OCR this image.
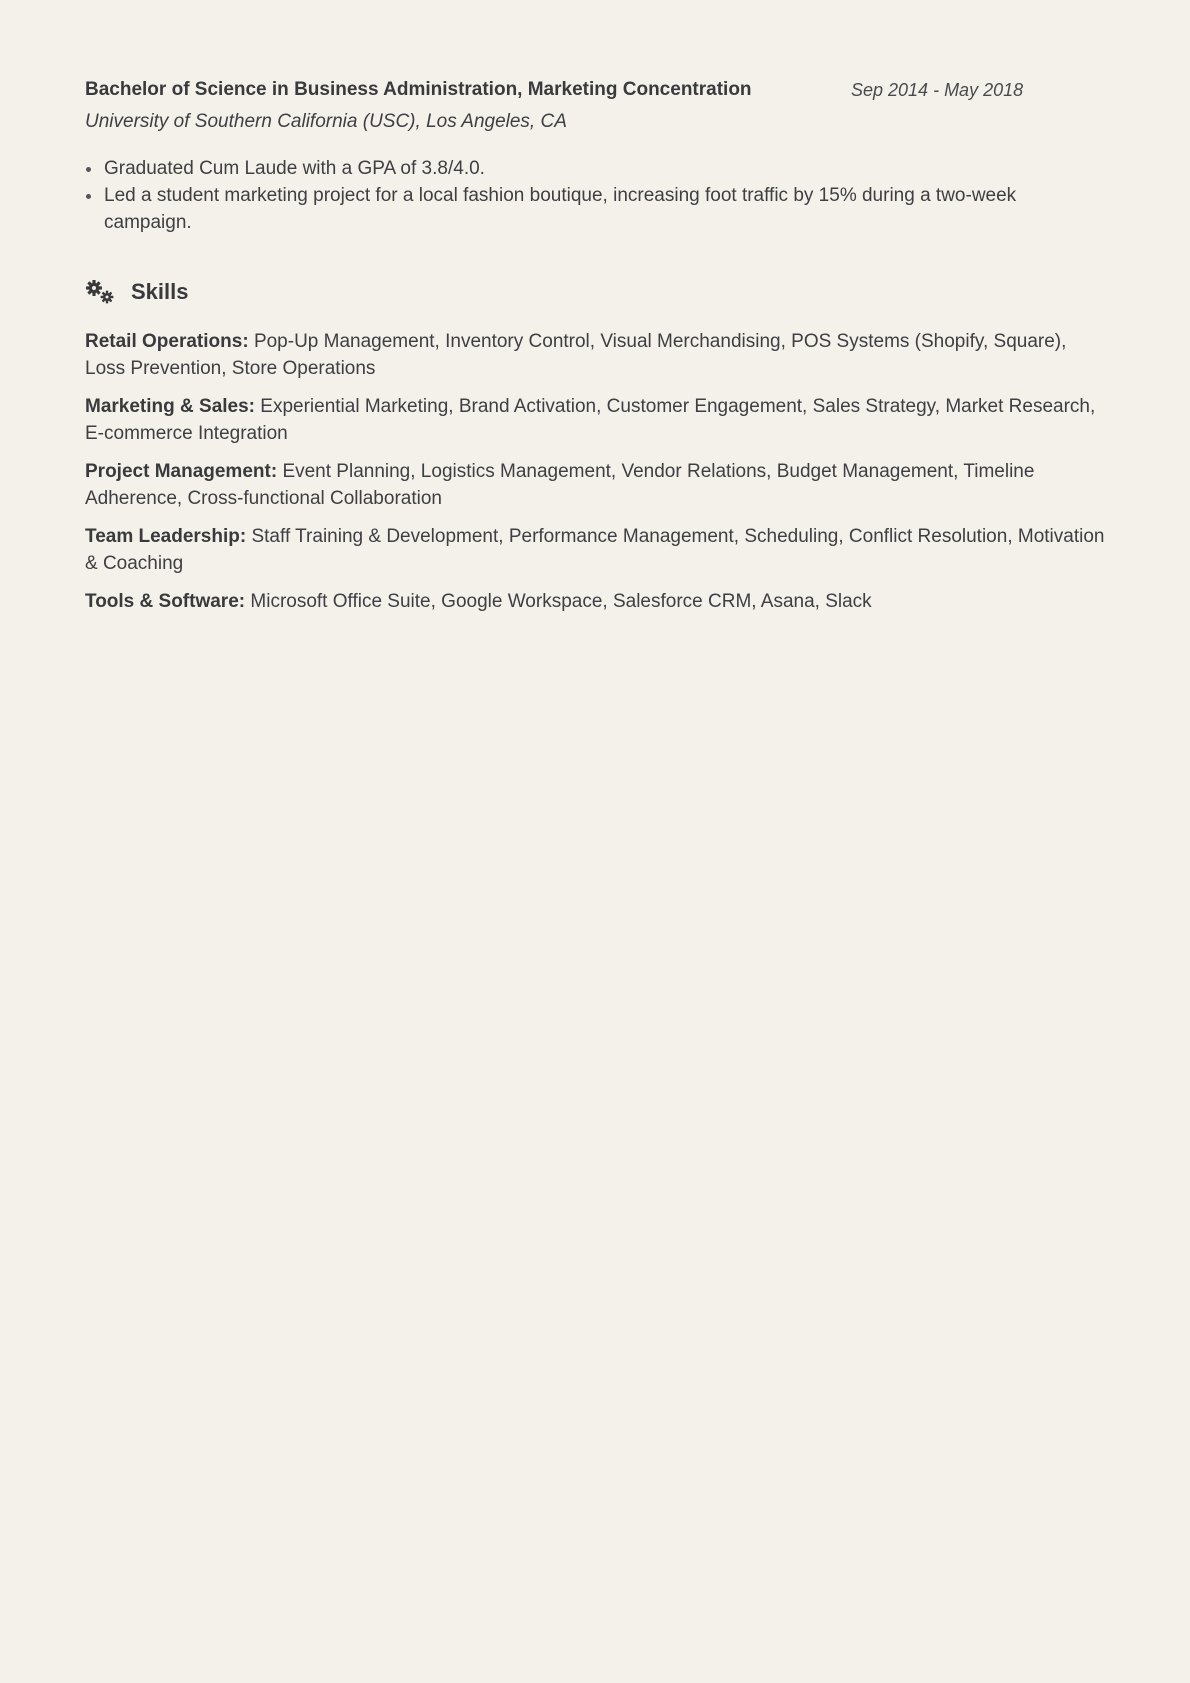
Bachelor of Science in Business Administration, Marketing Concentration	Sep 2014 - May 2018
University of Southern California (USC), Los Angeles, CA
Graduated Cum Laude with a GPA of 3.8/4.0.
Led a student marketing project for a local fashion boutique, increasing foot traffic by 15% during a two-week campaign.
Skills
Retail Operations: Pop-Up Management, Inventory Control, Visual Merchandising, POS Systems (Shopify, Square), Loss Prevention, Store Operations
Marketing & Sales: Experiential Marketing, Brand Activation, Customer Engagement, Sales Strategy, Market Research, E-commerce Integration
Project Management: Event Planning, Logistics Management, Vendor Relations, Budget Management, Timeline Adherence, Cross-functional Collaboration
Team Leadership: Staff Training & Development, Performance Management, Scheduling, Conflict Resolution, Motivation & Coaching
Tools & Software: Microsoft Office Suite, Google Workspace, Salesforce CRM, Asana, Slack
